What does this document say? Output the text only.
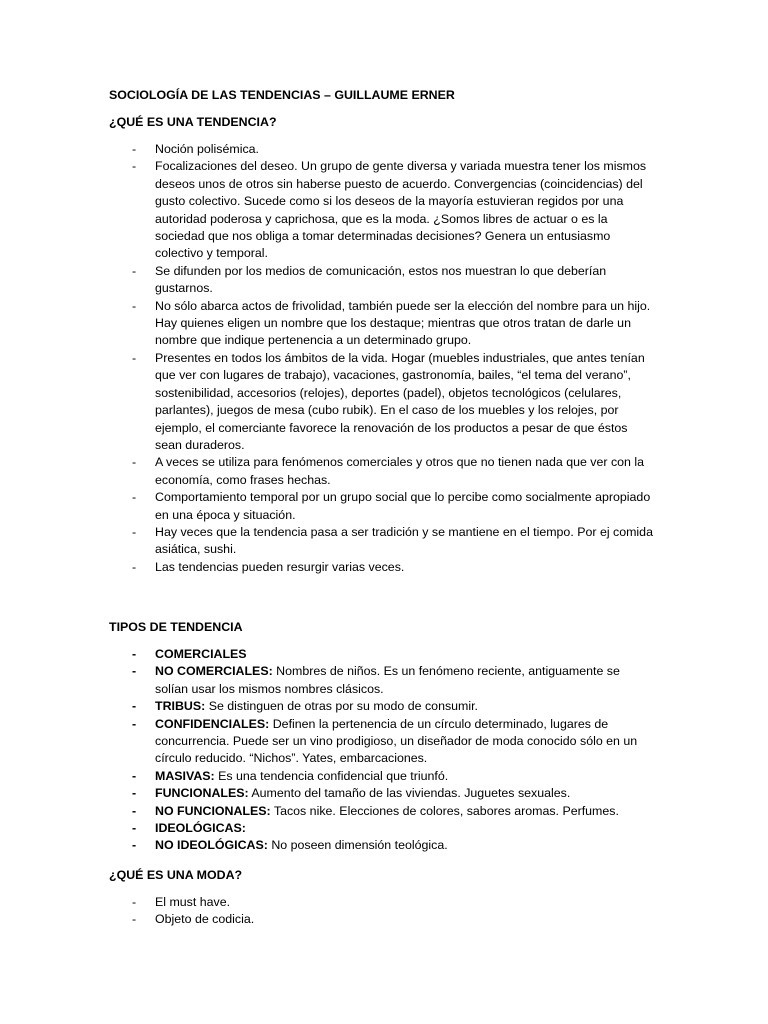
SOCIOLOGÍA DE LAS TENDENCIAS – GUILLAUME ERNER

¿QUÉ ES UNA TENDENCIA?

- Noción polisémica.
- Focalizaciones del deseo. Un grupo de gente diversa y variada muestra tener los mismos deseos unos de otros sin haberse puesto de acuerdo. Convergencias (coincidencias) del gusto colectivo. Sucede como si los deseos de la mayoría estuvieran regidos por una autoridad poderosa y caprichosa, que es la moda. ¿Somos libres de actuar o es la sociedad que nos obliga a tomar determinadas decisiones? Genera un entusiasmo colectivo y temporal.
- Se difunden por los medios de comunicación, estos nos muestran lo que deberían gustarnos.
- No sólo abarca actos de frivolidad, también puede ser la elección del nombre para un hijo. Hay quienes eligen un nombre que los destaque; mientras que otros tratan de darle un nombre que indique pertenencia a un determinado grupo.
- Presentes en todos los ámbitos de la vida. Hogar (muebles industriales, que antes tenían que ver con lugares de trabajo), vacaciones, gastronomía, bailes, “el tema del verano”, sostenibilidad, accesorios (relojes), deportes (padel), objetos tecnológicos (celulares, parlantes), juegos de mesa (cubo rubik). En el caso de los muebles y los relojes, por ejemplo, el comerciante favorece la renovación de los productos a pesar de que éstos sean duraderos.
- A veces se utiliza para fenómenos comerciales y otros que no tienen nada que ver con la economía, como frases hechas.
- Comportamiento temporal por un grupo social que lo percibe como socialmente apropiado en una época y situación.
- Hay veces que la tendencia pasa a ser tradición y se mantiene en el tiempo. Por ej comida asiática, sushi.
- Las tendencias pueden resurgir varias veces.

TIPOS DE TENDENCIA

- COMERCIALES
- NO COMERCIALES: Nombres de niños. Es un fenómeno reciente, antiguamente se solían usar los mismos nombres clásicos.
- TRIBUS: Se distinguen de otras por su modo de consumir.
- CONFIDENCIALES: Definen la pertenencia de un círculo determinado, lugares de concurrencia. Puede ser un vino prodigioso, un diseñador de moda conocido sólo en un círculo reducido. “Nichos”. Yates, embarcaciones.
- MASIVAS: Es una tendencia confidencial que triunfó.
- FUNCIONALES: Aumento del tamaño de las viviendas. Juguetes sexuales.
- NO FUNCIONALES: Tacos nike. Elecciones de colores, sabores aromas. Perfumes.
- IDEOLÓGICAS:
- NO IDEOLÓGICAS: No poseen dimensión teológica.

¿QUÉ ES UNA MODA?

- El must have.
- Objeto de codicia.
